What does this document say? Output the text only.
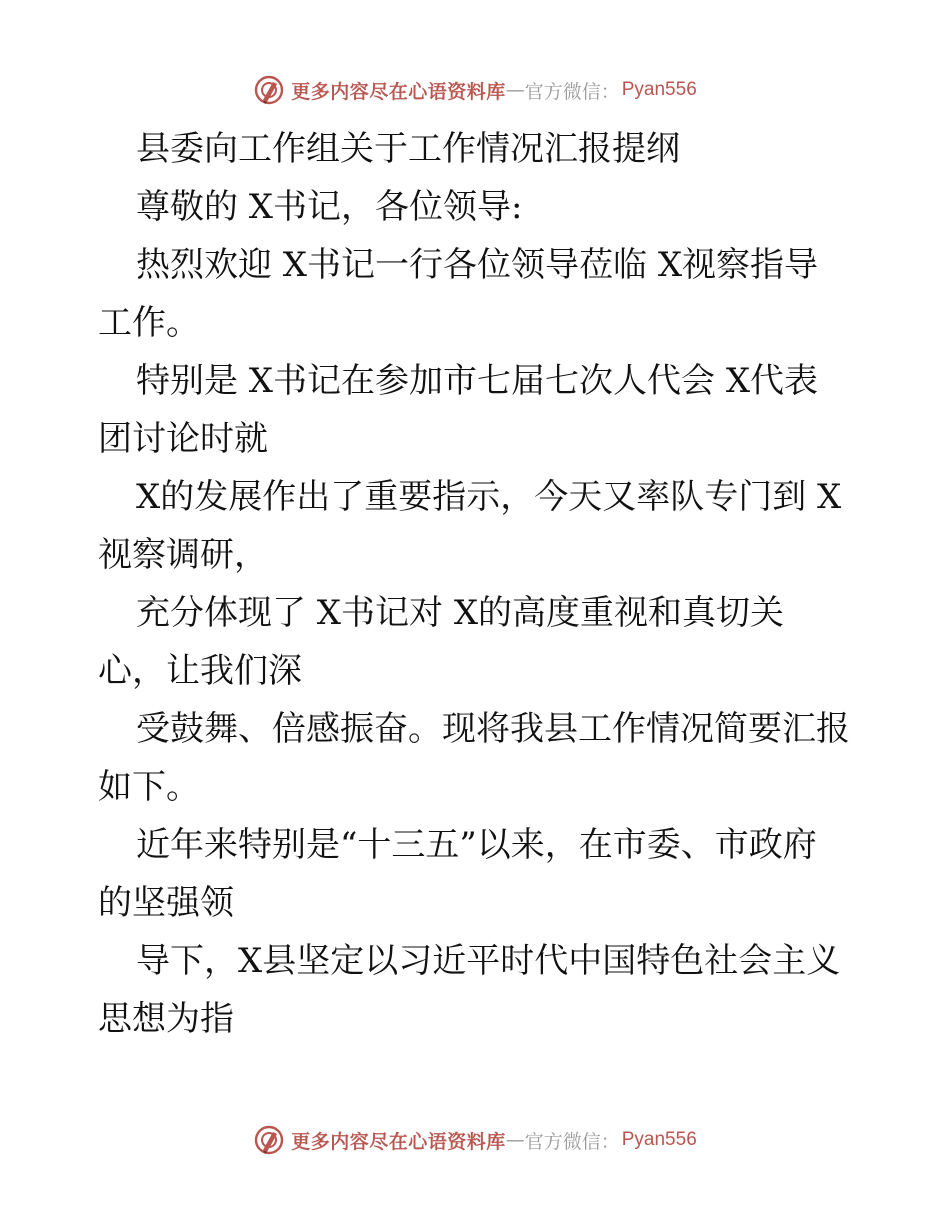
更多内容尽在心语资料库 — 官方微信： Pyan556
县委向工作组关于工作情况汇报提纲
尊敬的 X书记，各位领导:
热烈欢迎 X书记一行各位领导莅临 X视察指导
工作。
特别是 X书记在参加市七届七次人代会 X代表
团讨论时就
X的发展作出了重要指示，今天又率队专门到 X
视察调研，
充分体现了 X书记对 X的高度重视和真切关
心，让我们深
受鼓舞、倍感振奋。现将我县工作情况简要汇报
如下。
近年来特别是“十三五”以来，在市委、市政府
的坚强领
导下，X县坚定以习近平时代中国特色社会主义
思想为指
更多内容尽在心语资料库 — 官方微信： Pyan556
